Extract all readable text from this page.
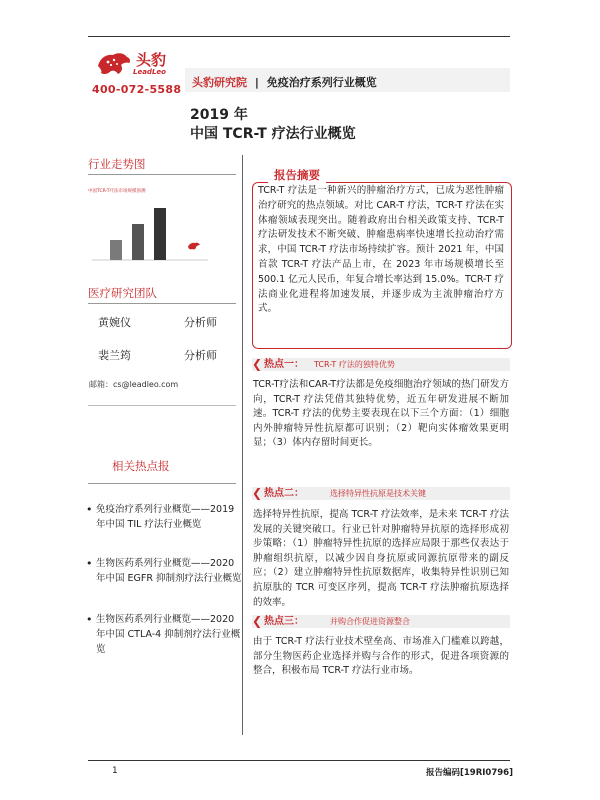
头豹
LeadLeo
400-072-5588
头豹研究院 | 免疫治疗系列行业概览
2019 年
中国 TCR-T 疗法行业概览
行业走势图
中国TCR-T疗法市场规模预测
医疗研究团队
黄婉仪	分析师
裴兰筠	分析师
邮箱：cs@leadleo.com
相关热点报
• 免疫治疗系列行业概览——2019 年中国 TIL 疗法行业概览
• 生物医药系列行业概览——2020 年中国 EGFR 抑制剂疗法行业概览
• 生物医药系列行业概览——2020 年中国 CTLA-4 抑制剂疗法行业概览
报告摘要
TCR-T 疗法是一种新兴的肿瘤治疗方式，已成为恶性肿瘤治疗研究的热点领域。对比 CAR-T 疗法，TCR-T 疗法在实体瘤领域表现突出。随着政府出台相关政策支持、TCR-T 疗法研发技术不断突破、肿瘤患病率快速增长拉动治疗需求，中国 TCR-T 疗法市场持续扩容。预计 2021 年，中国首款 TCR-T 疗法产品上市，在 2023 年市场规模增长至 500.1 亿元人民币，年复合增长率达到 15.0%。TCR-T 疗法商业化进程将加速发展，并逐步成为主流肿瘤治疗方式。
❮ 热点一： TCR-T 疗法的独特优势
TCR-T疗法和CAR-T疗法都是免疫细胞治疗领域的热门研发方向，TCR-T 疗法凭借其独特优势，近五年研发进展不断加速。TCR-T 疗法的优势主要表现在以下三个方面：（1）细胞内外肿瘤特异性抗原都可识别；（2）靶向实体瘤效果更明显；（3）体内存留时间更长。
❮ 热点二：	选择特异性抗原是技术关键
选择特异性抗原，提高 TCR-T 疗法效率，是未来 TCR-T 疗法发展的关键突破口。行业已针对肿瘤特异抗原的选择形成初步策略：（1）肿瘤特异性抗原的选择应局限于那些仅表达于肿瘤组织抗原，以减少因自身抗原或同源抗原带来的副反应；（2）建立肿瘤特异性抗原数据库，收集特异性识别已知抗原肽的 TCR 可变区序列，提高 TCR-T 疗法肿瘤抗原选择的效率。
❮ 热点三：	并购合作促进资源整合
由于 TCR-T 疗法行业技术壁垒高、市场准入门槛难以跨越，部分生物医药企业选择并购与合作的形式，促进各项资源的整合，积极布局 TCR-T 疗法行业市场。
1	报告编码[19RI0796]
